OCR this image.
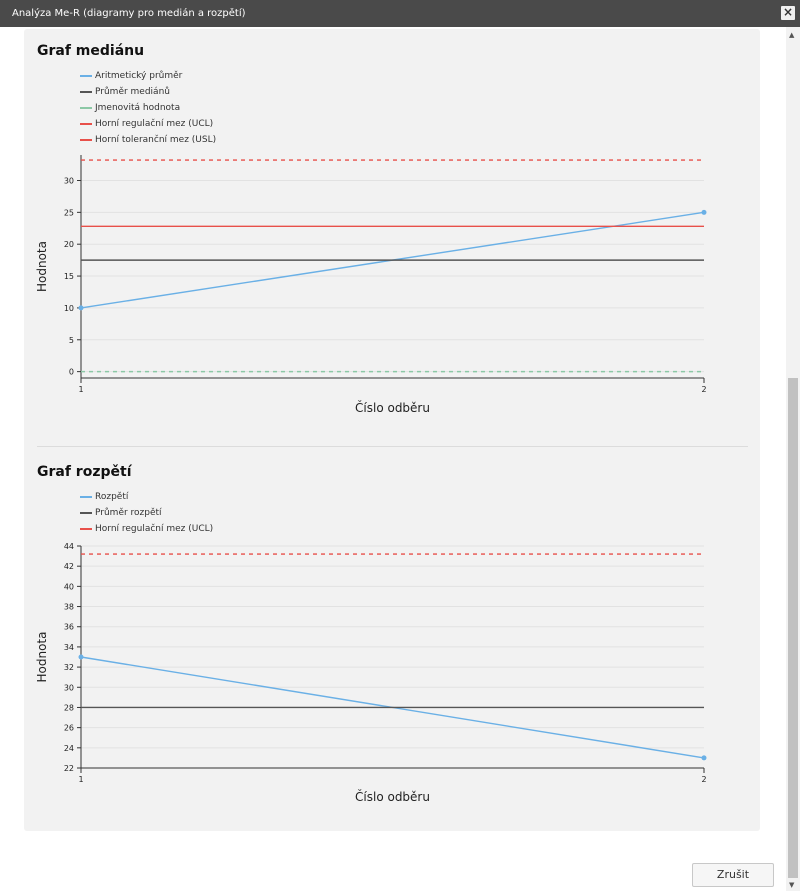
Analýza Me-R (diagramy pro medián a rozpětí)	×
▲
▼
Graf mediánu
Aritmetický průměr
Průměr mediánů
Jmenovitá hodnota
Horní regulační mez (UCL)
Horní toleranční mez (USL)
0
5
10
15
20
25
30
1	2
Číslo odběru
Hodnota
Graf rozpětí
Rozpětí
Průměr rozpětí
Horní regulační mez (UCL)
22
24
26
28
30
32
34
36
38
40
42
44
1	2
Číslo odběru
Hodnota
Zrušit
